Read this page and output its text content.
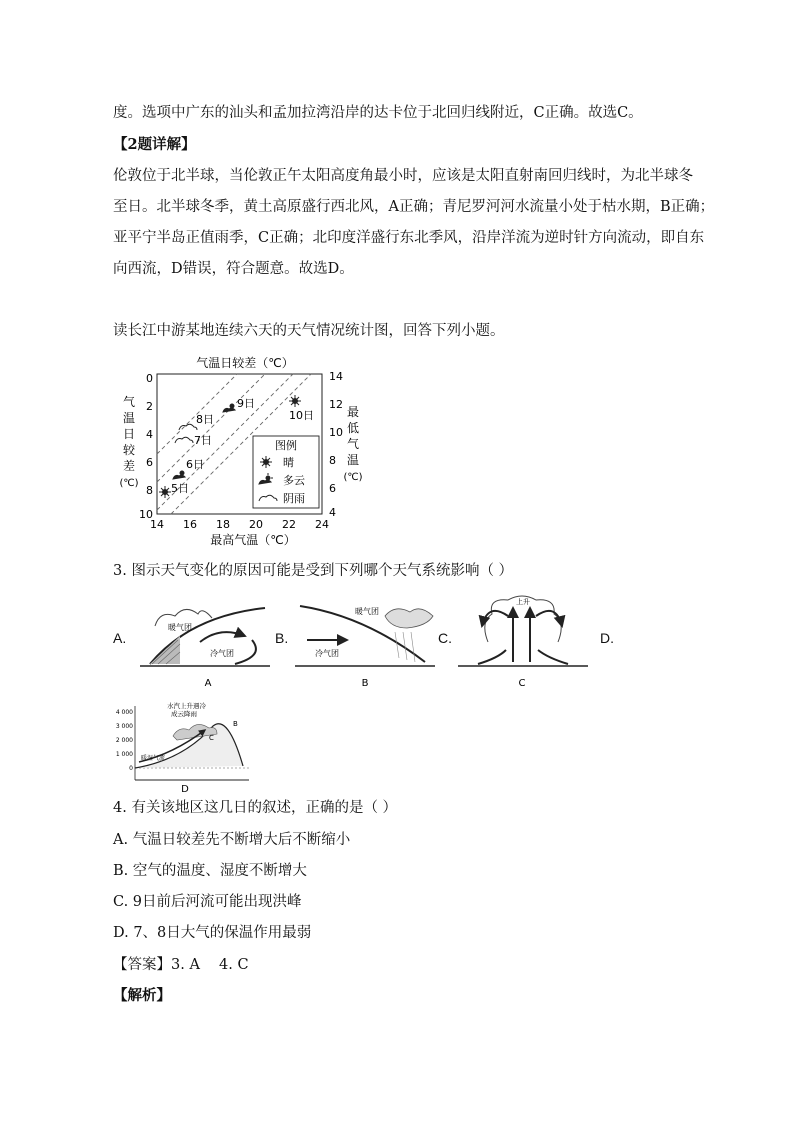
度。选项中广东的汕头和孟加拉湾沿岸的达卡位于北回归线附近，C正确。故选C。
【2题详解】
伦敦位于北半球，当伦敦正午太阳高度角最小时，应该是太阳直射南回归线时，为北半球冬
至日。北半球冬季，黄土高原盛行西北风，A正确；青尼罗河河水流量小处于枯水期，B正确；
亚平宁半岛正值雨季，C正确；北印度洋盛行东北季风，沿岸洋流为逆时针方向流动，即自东
向西流，D错误，符合题意。故选D。
读长江中游某地连续六天的天气情况统计图，回答下列小题。
气温日较差（℃）
0
2
4
6
8
10
气
温
日
较
差
(℃)
14
12
10
8
6
4
最
低
气
温
(℃)
14 16 18 20 22 24
最高气温（℃）
图例
晴
多云
阴雨
5日
6日
7日
8日
9日
10日
3. 图示天气变化的原因可能是受到下列哪个天气系统影响（ ）
A.
暖气团
冷气团
A
B.
暖气团
冷气团
B
C.
上升
C
D.
4 000
3 000
2 000
1 000
0
水汽上升遇冷
成云降雨
暖湿气流
B
C
D
4. 有关该地区这几日的叙述，正确的是（ ）
A. 气温日较差先不断增大后不断缩小
B. 空气的温度、湿度不断增大
C. 9日前后河流可能出现洪峰
D. 7、8日大气的保温作用最弱
【答案】3. A　 4. C
【解析】
